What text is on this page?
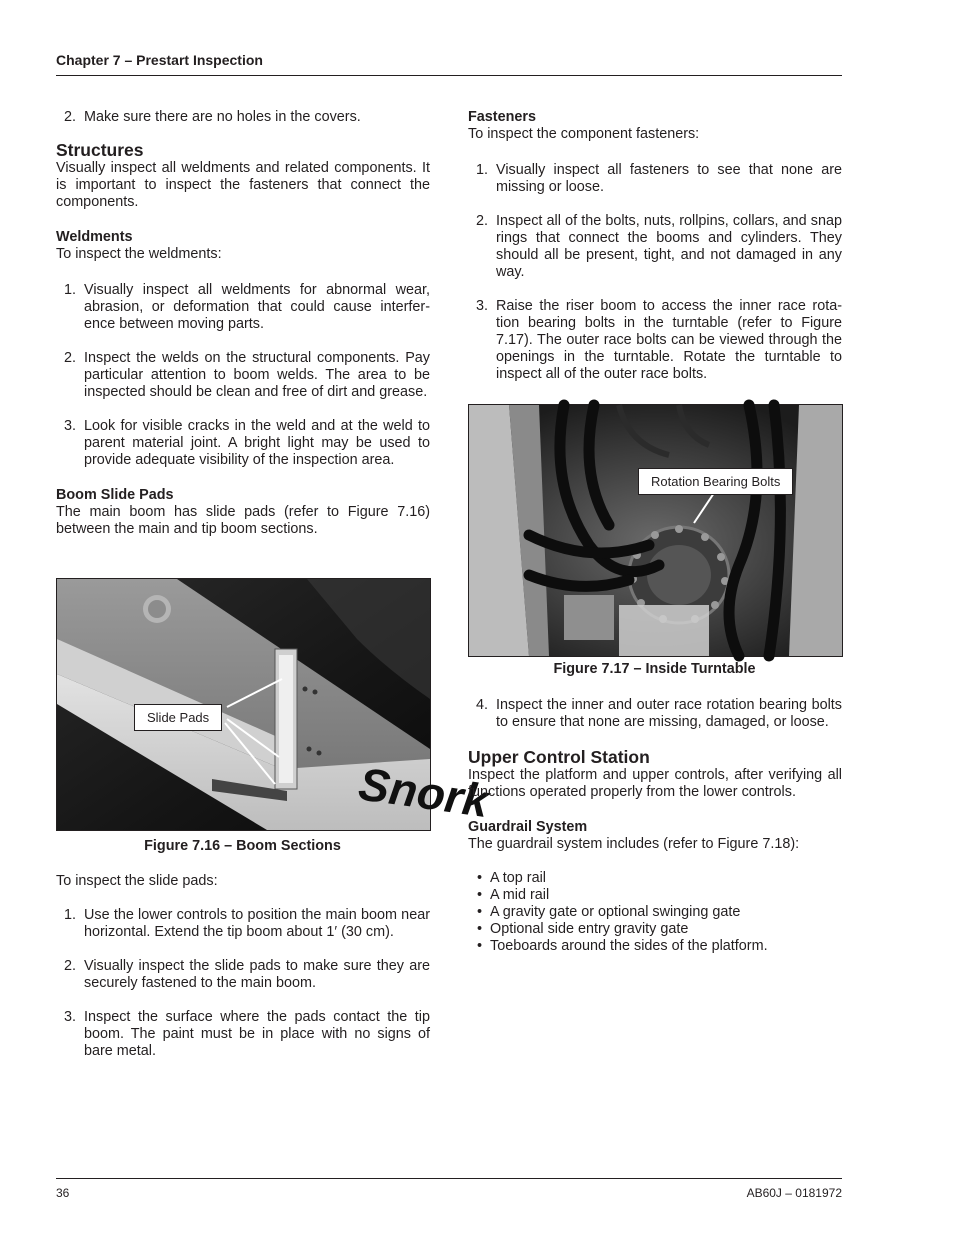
Chapter 7 – Prestart Inspection
36	AB60J – 0181972
2. Make sure there are no holes in the covers.
Structures

Visually inspect all weldments and related components. It is important to inspect the fasteners that connect the components.

Weldments

To inspect the weldments:

1. Visually inspect all weldments for abnormal wear, abrasion, or deformation that could cause interfer-ence between moving parts.
2. Inspect the welds on the structural components. Pay particular attention to boom welds. The area to be inspected should be clean and free of dirt and grease.
3. Look for visible cracks in the weld and at the weld to parent material joint. A bright light may be used to provide adequate visibility of the inspection area.
Boom Slide Pads

The main boom has slide pads (refer to Figure 7.16) between the main and tip boom sections.

Snork
Slide Pads
Figure 7.16 – Boom Sections

To inspect the slide pads:

1. Use the lower controls to position the main boom near horizontal. Extend the tip boom about 1′ (30 cm).
2. Visually inspect the slide pads to make sure they are securely fastened to the main boom.
3. Inspect the surface where the pads contact the tip boom. The paint must be in place with no signs of bare metal.
Fasteners

To inspect the component fasteners:

1. Visually inspect all fasteners to see that none are missing or loose.
2. Inspect all of the bolts, nuts, rollpins, collars, and snap rings that connect the booms and cylinders. They should all be present, tight, and not damaged in any way.
3. Raise the riser boom to access the inner race rota-tion bearing bolts in the turntable (refer to Figure 7.17). The outer race bolts can be viewed through the openings in the turntable. Rotate the turntable to inspect all of the outer race bolts.
Rotation Bearing Bolts
Figure 7.17 – Inside Turntable
4. Inspect the inner and outer race rotation bearing bolts to ensure that none are missing, damaged, or loose.
Upper Control Station

Inspect the platform and upper controls, after verifying all functions operated properly from the lower controls.

Guardrail System

The guardrail system includes (refer to Figure 7.18):

• A top rail
• A mid rail
• A gravity gate or optional swinging gate
• Optional side entry gravity gate
• Toeboards around the sides of the platform.
